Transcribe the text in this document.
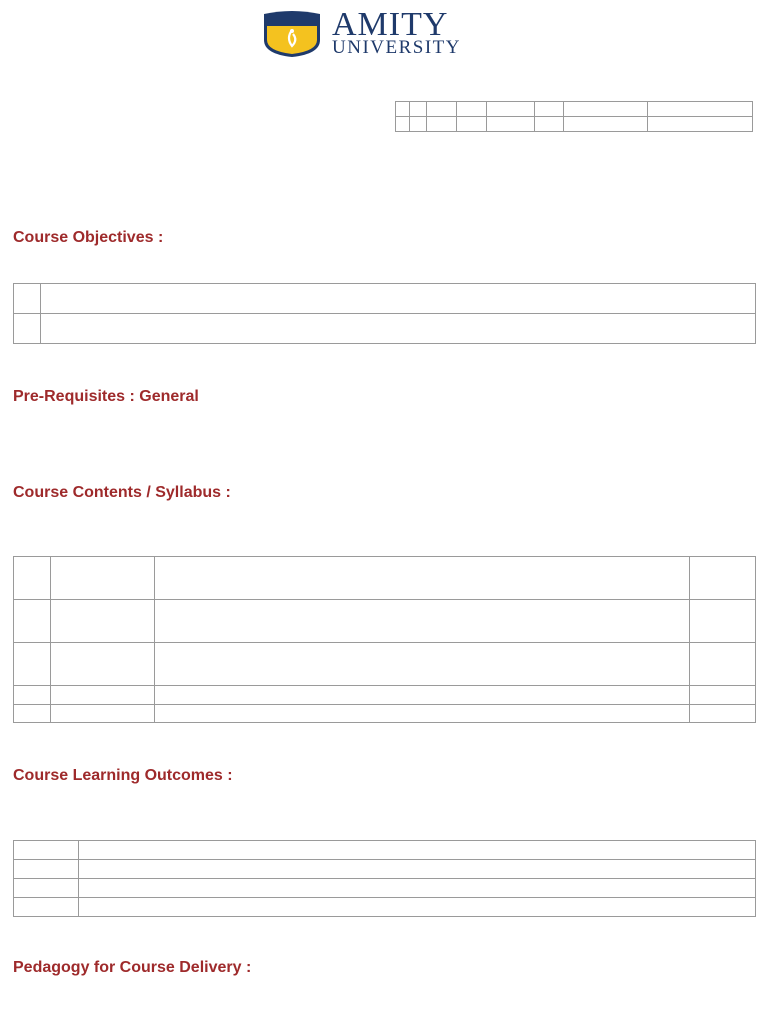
AMITY
UNIVERSITY

Course Objectives :

Pre-Requisites : General
Course Contents / Syllabus :

Course Learning Outcomes :

Pedagogy for Course Delivery :
